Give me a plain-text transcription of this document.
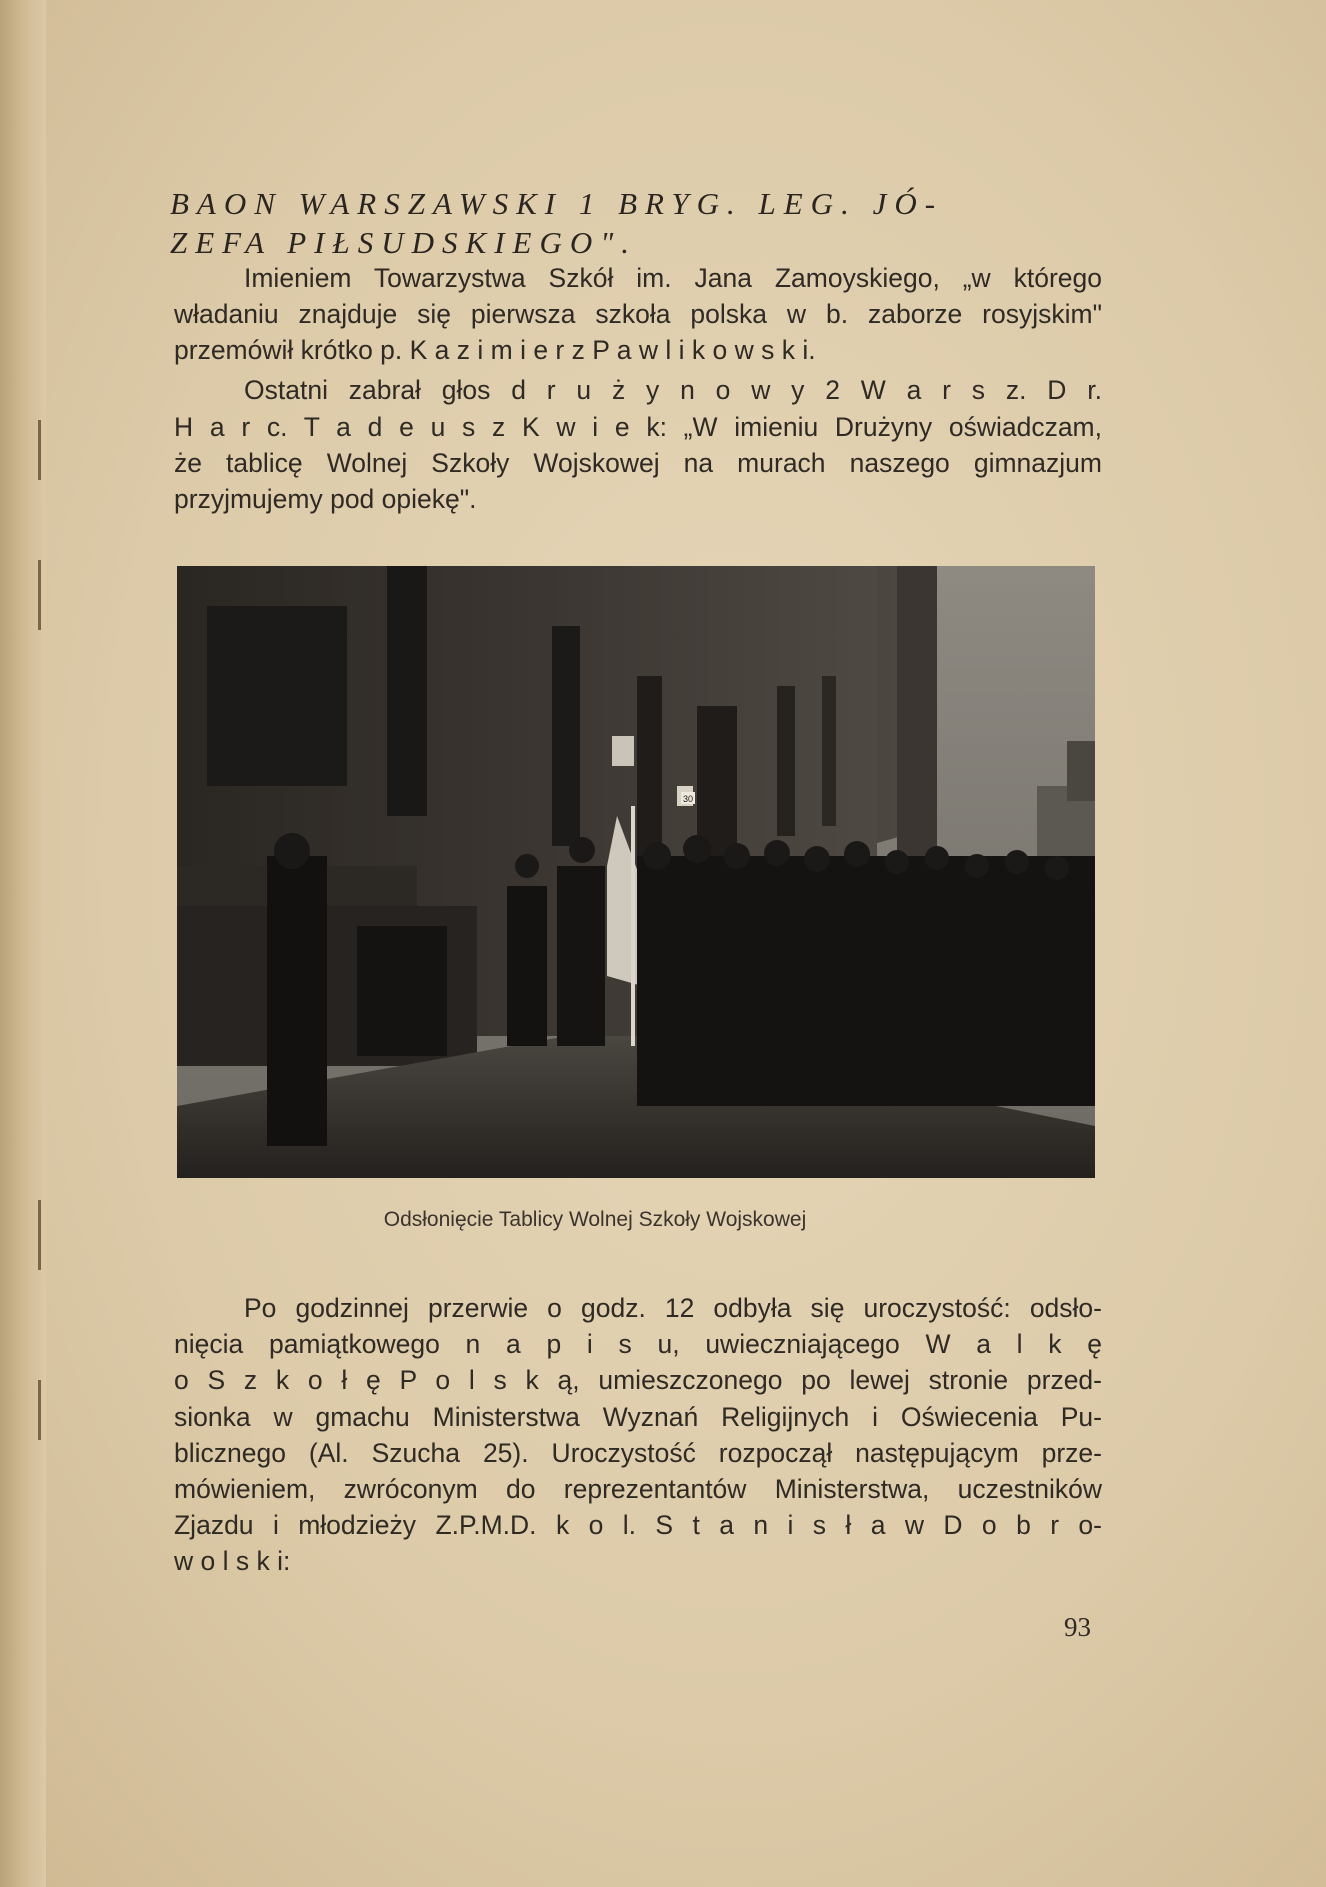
BAON WARSZAWSKI 1 BRYG. LEG. JÓ-
ZEFA PIŁSUDSKIEGO".
Imieniem Towarzystwa Szkół im. Jana Zamoyskiego, „w którego
władaniu znajduje się pierwsza szkoła polska w b. zaborze rosyjskim"
przemówił krótko p. K a z i m i e r z P a w l i k o w s k i.
Ostatni zabrał głos d r u ż y n o w y 2 W a r s z. D r.
H a r c. T a d e u s z K w i e k: „W imieniu Drużyny oświadczam,
że tablicę Wolnej Szkoły Wojskowej na murach naszego gimnazjum
przyjmujemy pod opiekę".
30
Odsłonięcie Tablicy Wolnej Szkoły Wojskowej
Po godzinnej przerwie o godz. 12 odbyła się uroczystość: odsło-
nięcia pamiątkowego n a p i s u, uwieczniającego W a l k ę
o S z k o ł ę P o l s k ą, umieszczonego po lewej stronie przed-
sionka w gmachu Ministerstwa Wyznań Religijnych i Oświecenia Pu-
blicznego (Al. Szucha 25). Uroczystość rozpoczął następującym prze-
mówieniem, zwróconym do reprezentantów Ministerstwa, uczestników
Zjazdu i młodzieży Z.P.M.D. k o l. S t a n i s ł a w D o b r o-
w o l s k i:
93
